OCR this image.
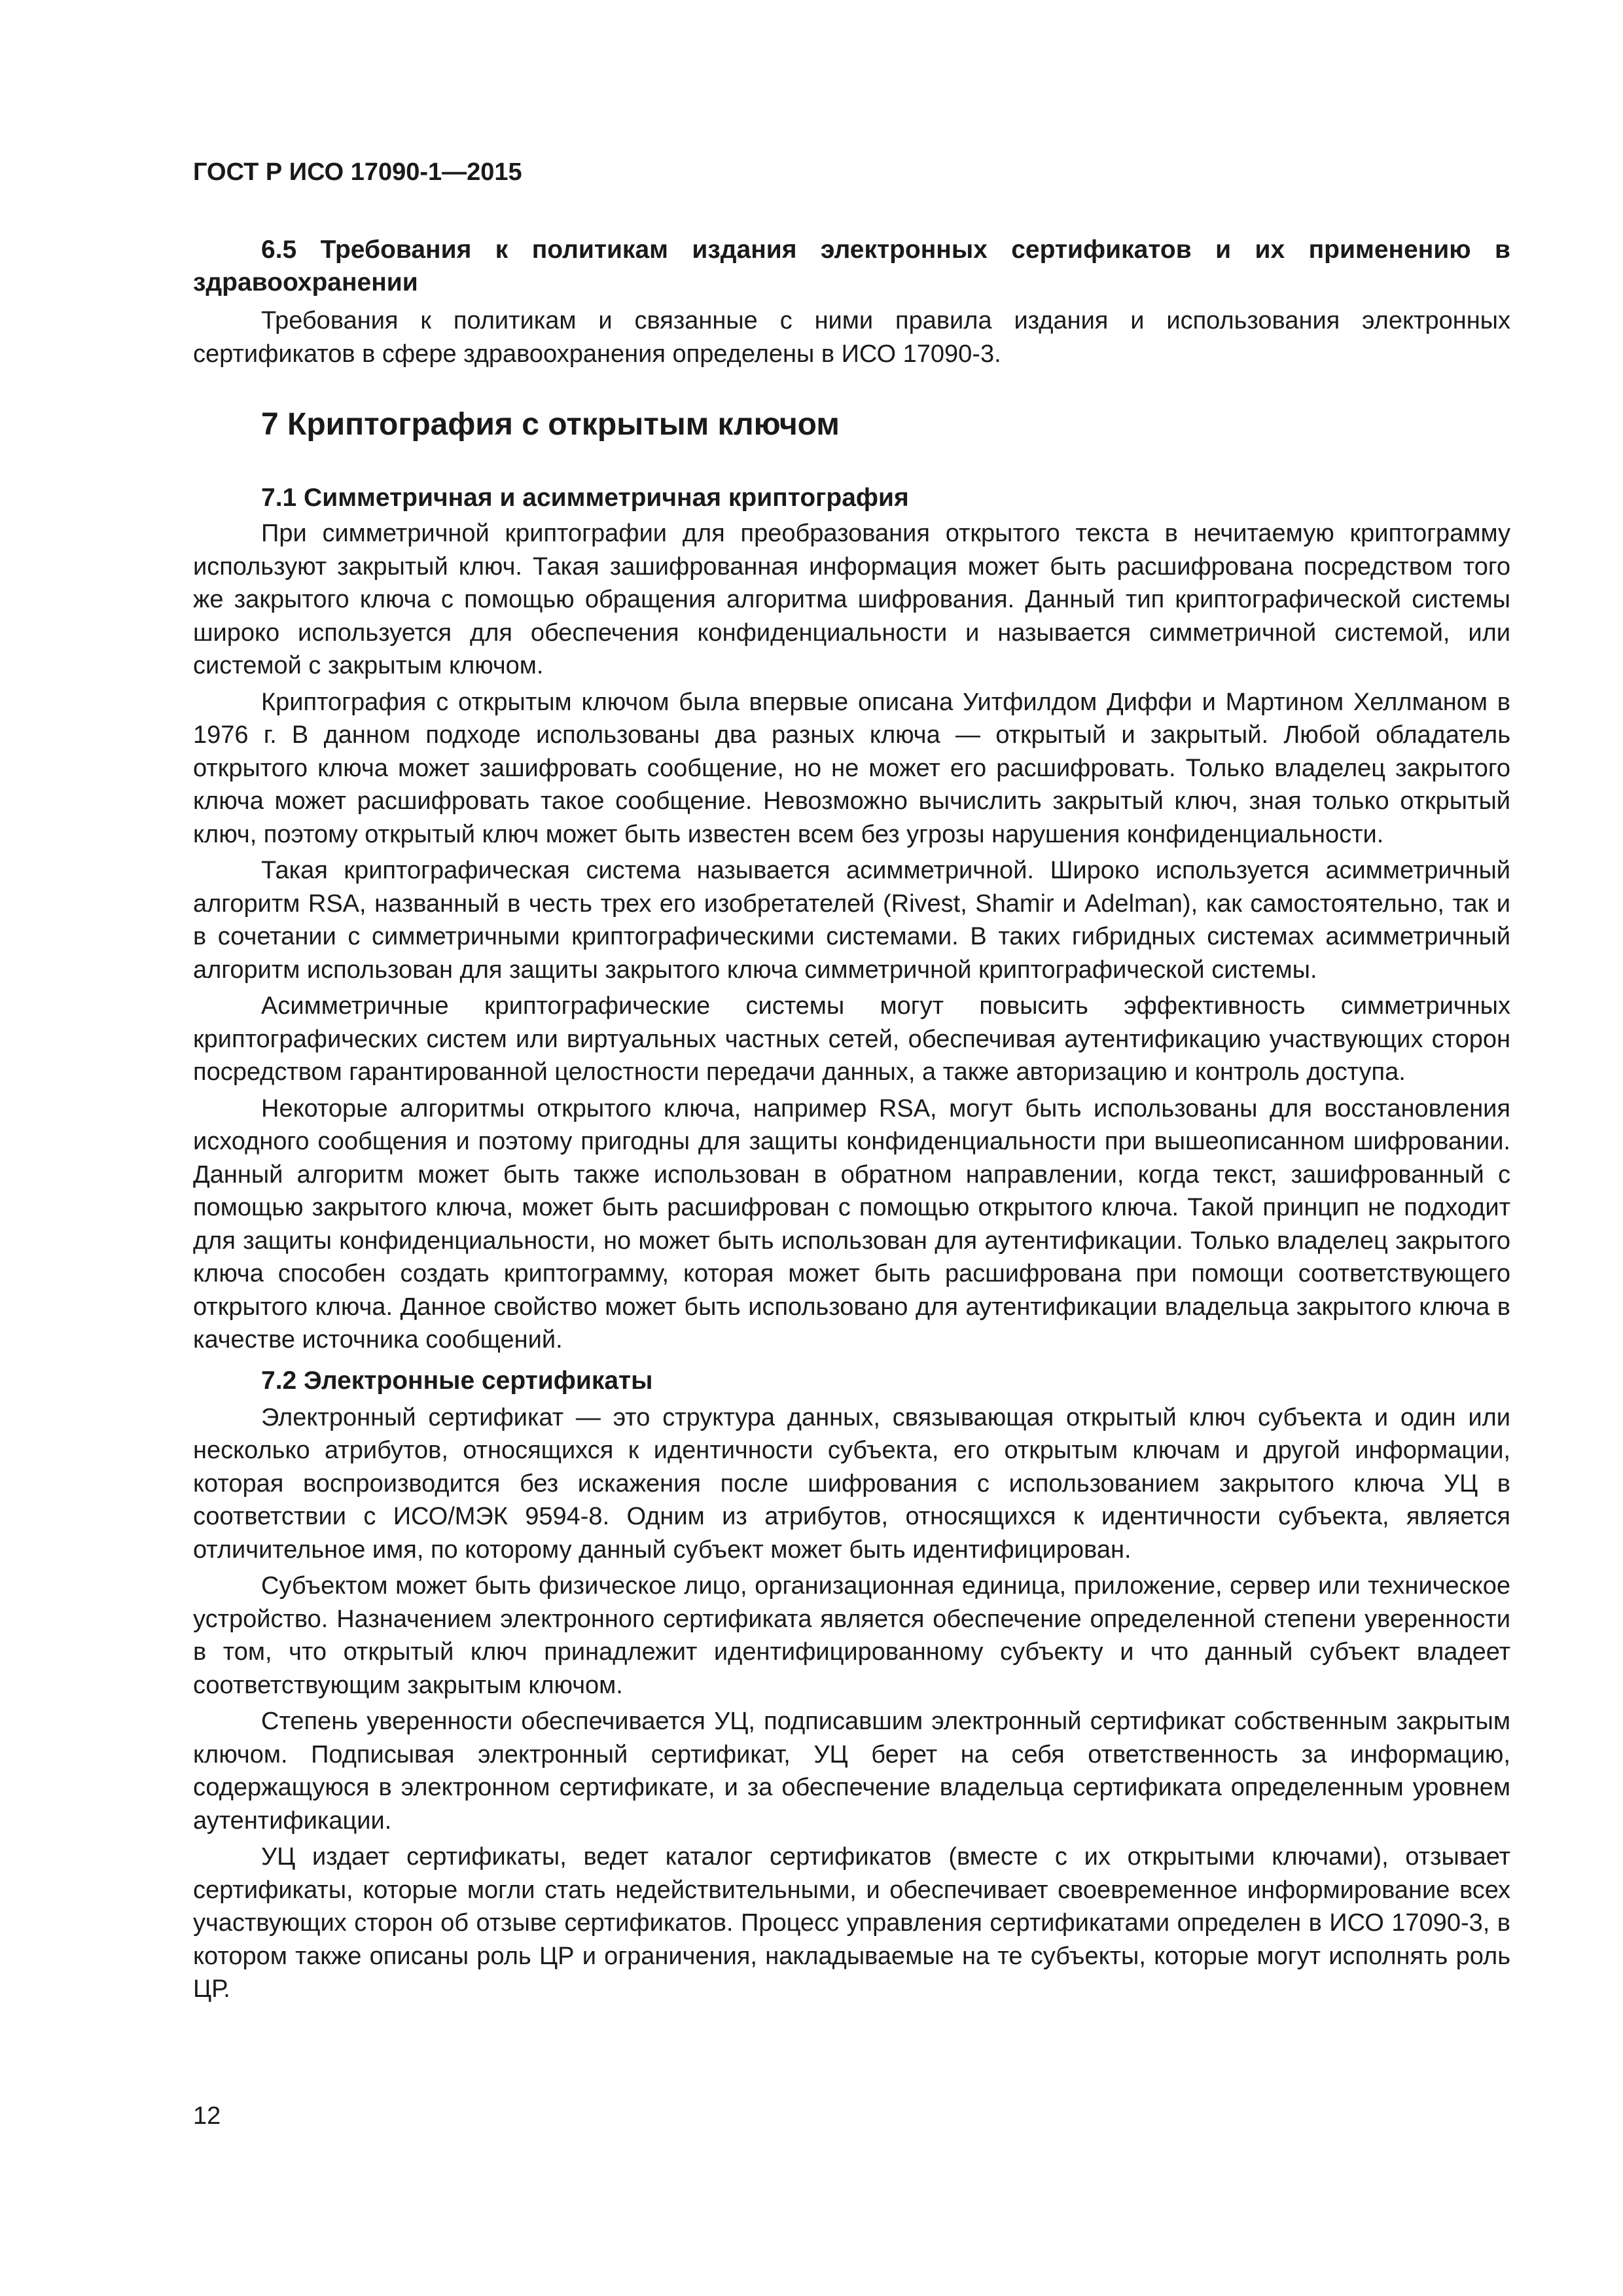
ГОСТ Р ИСО 17090-1—2015
6.5 Требования к политикам издания электронных сертификатов и их применению в здравоохранении

Требования к политикам и связанные с ними правила издания и использования электронных сертификатов в сфере здравоохранения определены в ИСО 17090-3.

7 Криптография с открытым ключом
7.1 Симметричная и асимметричная криптография

При симметричной криптографии для преобразования открытого текста в нечитаемую криптограмму используют закрытый ключ. Такая зашифрованная информация может быть расшифрована посредством того же закрытого ключа с помощью обращения алгоритма шифрования. Данный тип криптографической системы широко используется для обеспечения конфиденциальности и называется симметричной системой, или системой с закрытым ключом.

Криптография с открытым ключом была впервые описана Уитфилдом Диффи и Мартином Хеллманом в 1976 г. В данном подходе использованы два разных ключа — открытый и закрытый. Любой обладатель открытого ключа может зашифровать сообщение, но не может его расшифровать. Только владелец закрытого ключа может расшифровать такое сообщение. Невозможно вычислить закрытый ключ, зная только открытый ключ, поэтому открытый ключ может быть известен всем без угрозы нарушения конфиденциальности.

Такая криптографическая система называется асимметричной. Широко используется асимметричный алгоритм RSA, названный в честь трех его изобретателей (Rivest, Shamir и Adelman), как самостоятельно, так и в сочетании с симметричными криптографическими системами. В таких гибридных системах асимметричный алгоритм использован для защиты закрытого ключа симметричной криптографической системы.

Асимметричные криптографические системы могут повысить эффективность симметричных криптографических систем или виртуальных частных сетей, обеспечивая аутентификацию участвующих сторон посредством гарантированной целостности передачи данных, а также авторизацию и контроль доступа.

Некоторые алгоритмы открытого ключа, например RSA, могут быть использованы для восстановления исходного сообщения и поэтому пригодны для защиты конфиденциальности при вышеописанном шифровании. Данный алгоритм может быть также использован в обратном направлении, когда текст, зашифрованный с помощью закрытого ключа, может быть расшифрован с помощью открытого ключа. Такой принцип не подходит для защиты конфиденциальности, но может быть использован для аутентификации. Только владелец закрытого ключа способен создать криптограмму, которая может быть расшифрована при помощи соответствующего открытого ключа. Данное свойство может быть использовано для аутентификации владельца закрытого ключа в качестве источника сообщений.

7.2 Электронные сертификаты

Электронный сертификат — это структура данных, связывающая открытый ключ субъекта и один или несколько атрибутов, относящихся к идентичности субъекта, его открытым ключам и другой информации, которая воспроизводится без искажения после шифрования с использованием закрытого ключа УЦ в соответствии с ИСО/МЭК 9594-8. Одним из атрибутов, относящихся к идентичности субъекта, является отличительное имя, по которому данный субъект может быть идентифицирован.

Субъектом может быть физическое лицо, организационная единица, приложение, сервер или техническое устройство. Назначением электронного сертификата является обеспечение определенной степени уверенности в том, что открытый ключ принадлежит идентифицированному субъекту и что данный субъект владеет соответствующим закрытым ключом.

Степень уверенности обеспечивается УЦ, подписавшим электронный сертификат собственным закрытым ключом. Подписывая электронный сертификат, УЦ берет на себя ответственность за информацию, содержащуюся в электронном сертификате, и за обеспечение владельца сертификата определенным уровнем аутентификации.

УЦ издает сертификаты, ведет каталог сертификатов (вместе с их открытыми ключами), отзывает сертификаты, которые могли стать недействительными, и обеспечивает своевременное информирование всех участвующих сторон об отзыве сертификатов. Процесс управления сертификатами определен в ИСО 17090-3, в котором также описаны роль ЦР и ограничения, накладываемые на те субъекты, которые могут исполнять роль ЦР.

12
